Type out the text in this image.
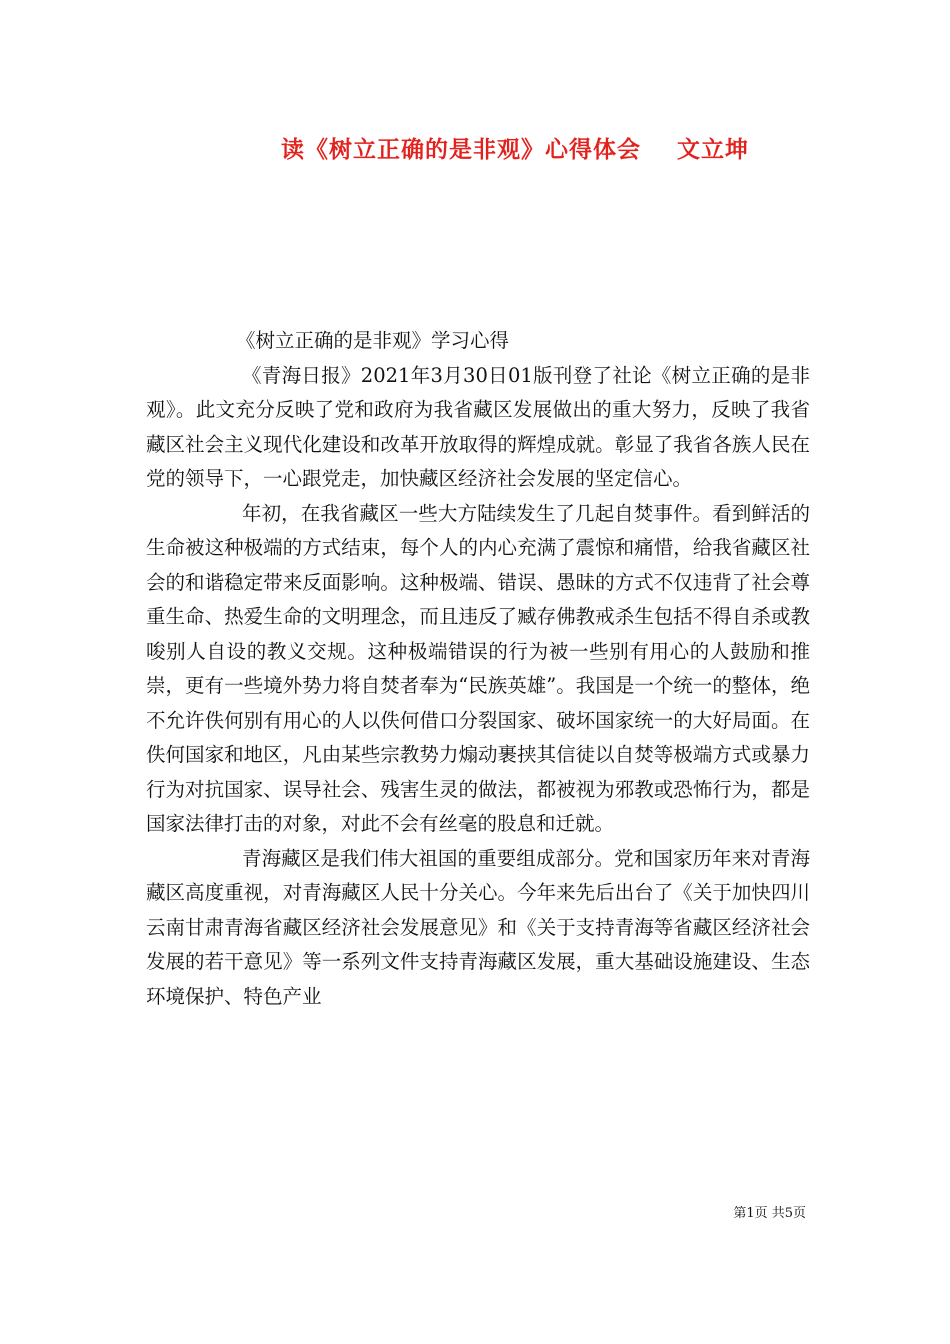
读《树立正确的是非观》心得体会    文立坤

《树立正确的是非观》学习心得

《青海日报》2021年3月30日01版刊登了社论《树立正确的是非观》。此文充分反映了党和政府为我省藏区发展做出的重大努力，反映了我省藏区社会主义现代化建设和改革开放取得的辉煌成就。彰显了我省各族人民在党的领导下，一心跟党走，加快藏区经济社会发展的坚定信心。

年初，在我省藏区一些大方陆续发生了几起自焚事件。看到鲜活的生命被这种极端的方式结束，每个人的内心充满了震惊和痛惜，给我省藏区社会的和谐稳定带来反面影响。这种极端、错误、愚昧的方式不仅违背了社会尊重生命、热爱生命的文明理念，而且违反了臧存佛教戒杀生包括不得自杀或教唆别人自设的教义交规。这种极端错误的行为被一些别有用心的人鼓励和推崇，更有一些境外势力将自焚者奉为“民族英雄”。我国是一个统一的整体，绝不允许佚何别有用心的人以佚何借口分裂国家、破坏国家统一的大好局面。在佚何国家和地区，凡由某些宗教势力煽动裹挟其信徒以自焚等极端方式或暴力行为对抗国家、误导社会、残害生灵的做法，都被视为邪教或恐怖行为，都是国家法律打击的对象，对此不会有丝毫的股息和迁就。

青海藏区是我们伟大祖国的重要组成部分。党和国家历年来对青海藏区高度重视，对青海藏区人民十分关心。今年来先后出台了《关于加快四川云南甘肃青海省藏区经济社会发展意见》和《关于支持青海等省藏区经济社会发展的若干意见》等一系列文件支持青海藏区发展，重大基础设施建设、生态环境保护、特色产业

第1页 共5页
